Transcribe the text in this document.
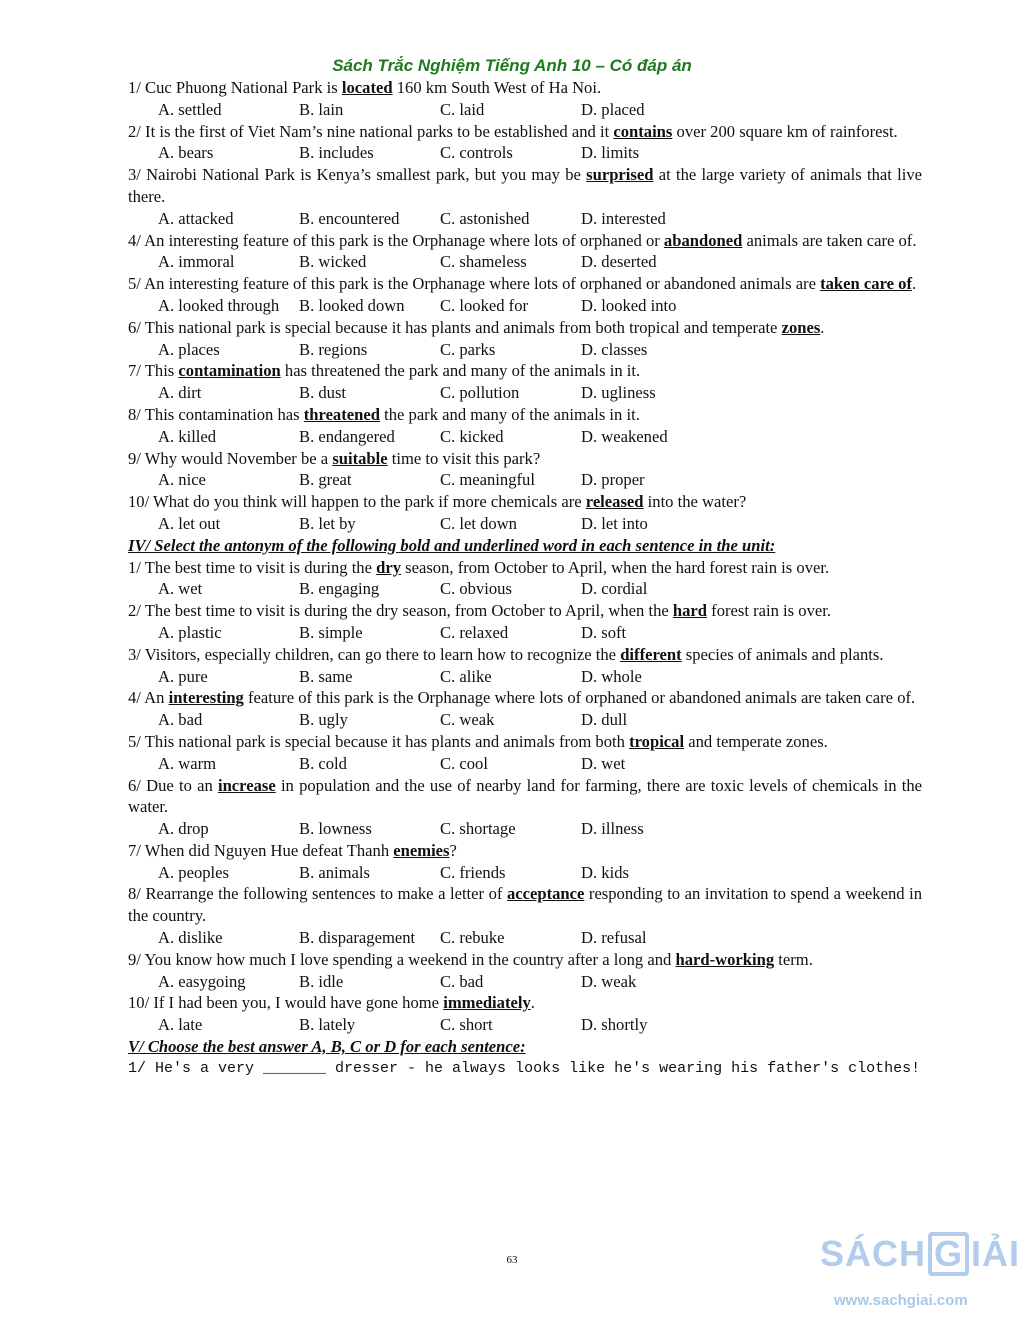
Sách Trắc Nghiệm Tiếng Anh 10 – Có đáp án
1/ Cuc Phuong National Park is located 160 km South West of Ha Noi.
A. settled	B. lain	C. laid	D. placed
2/ It is the first of Viet Nam’s nine national parks to be established and it contains over 200 square km of rainforest.
A. bears	B. includes	C. controls	D. limits
3/ Nairobi National Park is Kenya’s smallest park, but you may be surprised at the large variety of animals that live there.
A. attacked	B. encountered	C. astonished	D. interested
4/ An interesting feature of this park is the Orphanage where lots of orphaned or abandoned animals are taken care of.
A. immoral	B. wicked	C. shameless	D. deserted
5/ An interesting feature of this park is the Orphanage where lots of orphaned or abandoned animals are taken care of.
A. looked through	B. looked down	C. looked for	D. looked into
6/ This national park is special because it has plants and animals from both tropical and temperate zones.
A. places	B. regions	C. parks	D. classes
7/ This contamination has threatened the park and many of the animals in it.
A. dirt	B. dust	C. pollution	D. ugliness
8/ This contamination has threatened the park and many of the animals in it.
A. killed	B. endangered	C. kicked	D. weakened
9/ Why would November be a suitable time to visit this park?
A. nice	B. great	C. meaningful	D. proper
10/ What do you think will happen to the park if more chemicals are released into the water?
A. let out	B. let by	C. let down	D. let into
IV/ Select the antonym of the following bold and underlined word in each sentence in the unit:
1/ The best time to visit is during the dry season, from October to April, when the hard forest rain is over.
A. wet	B. engaging	C. obvious	D. cordial
2/ The best time to visit is during the dry season, from October to April, when the hard forest rain is over.
A. plastic	B. simple	C. relaxed	D. soft
3/ Visitors, especially children, can go there to learn how to recognize the different species of animals and plants.
A. pure	B. same	C. alike	D. whole
4/ An interesting feature of this park is the Orphanage where lots of orphaned or abandoned animals are taken care of.
A. bad	B. ugly	C. weak	D. dull
5/ This national park is special because it has plants and animals from both tropical and temperate zones.
A. warm	B. cold	C. cool	D. wet
6/ Due to an increase in population and the use of nearby land for farming, there are toxic levels of chemicals in the water.
A. drop	B. lowness	C. shortage	D. illness
7/ When did Nguyen Hue defeat Thanh enemies?
A. peoples	B. animals	C. friends	D. kids
8/ Rearrange the following sentences to make a letter of acceptance responding to an invitation to spend a weekend in the country.
A. dislike	B. disparagement	C. rebuke	D. refusal
9/ You know how much I love spending a weekend in the country after a long and hard-working term.
A. easygoing	B. idle	C. bad	D. weak
10/ If I had been you, I would have gone home immediately.
A. late	B. lately	C. short	D. shortly
V/ Choose the best answer A, B, C or D for each sentence:
1/ He's a very _______ dresser - he always looks like he's wearing his father's clothes!
63	SÁCH G IẢI
www.sachgiai.com
